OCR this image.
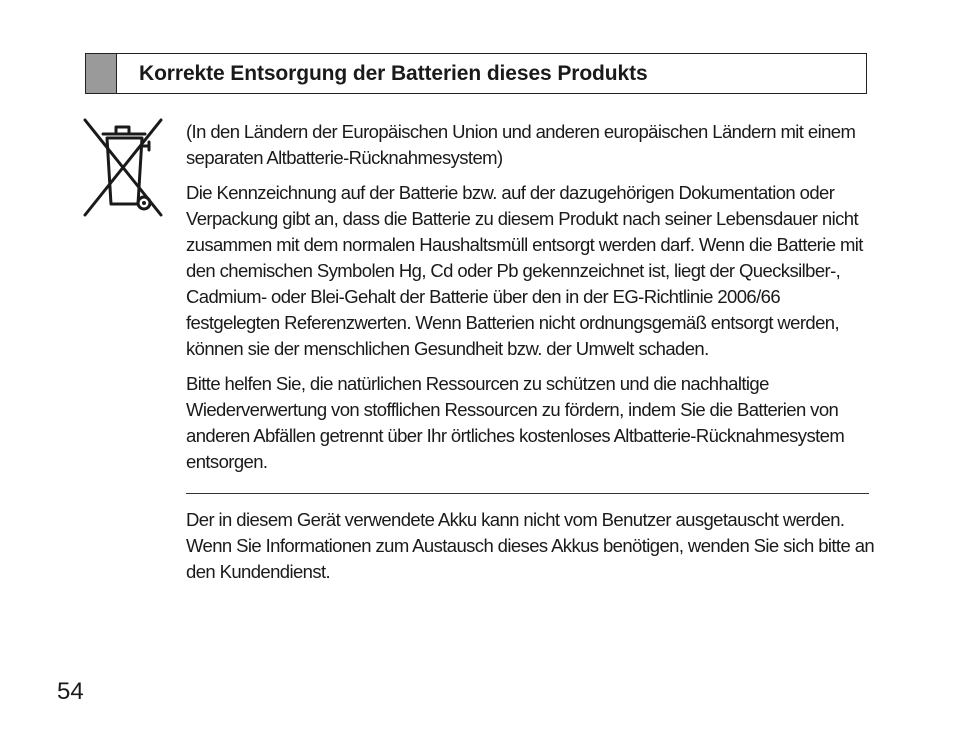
Korrekte Entsorgung der Batterien dieses Produkts

(In den Ländern der Europäischen Union und anderen europäischen Ländern mit einem separaten Altbatterie-Rücknahmesystem)

Die Kennzeichnung auf der Batterie bzw. auf der dazugehörigen Dokumentation oder Verpackung gibt an, dass die Batterie zu diesem Produkt nach seiner Lebensdauer nicht zusammen mit dem normalen Haushaltsmüll entsorgt werden darf. Wenn die Batterie mit den chemischen Symbolen Hg, Cd oder Pb gekennzeichnet ist, liegt der Quecksilber-, Cadmium- oder Blei-Gehalt der Batterie über den in der EG-Richtlinie 2006/66 festgelegten Referenzwerten. Wenn Batterien nicht ordnungsgemäß entsorgt werden, können sie der menschlichen Gesundheit bzw. der Umwelt schaden.

Bitte helfen Sie, die natürlichen Ressourcen zu schützen und die nachhaltige Wiederverwertung von stofflichen Ressourcen zu fördern, indem Sie die Batterien von anderen Abfällen getrennt über Ihr örtliches kostenloses Altbatterie-Rücknahmesystem entsorgen.

Der in diesem Gerät verwendete Akku kann nicht vom Benutzer ausgetauscht werden. Wenn Sie Informationen zum Austausch dieses Akkus benötigen, wenden Sie sich bitte an den Kundendienst.

54
